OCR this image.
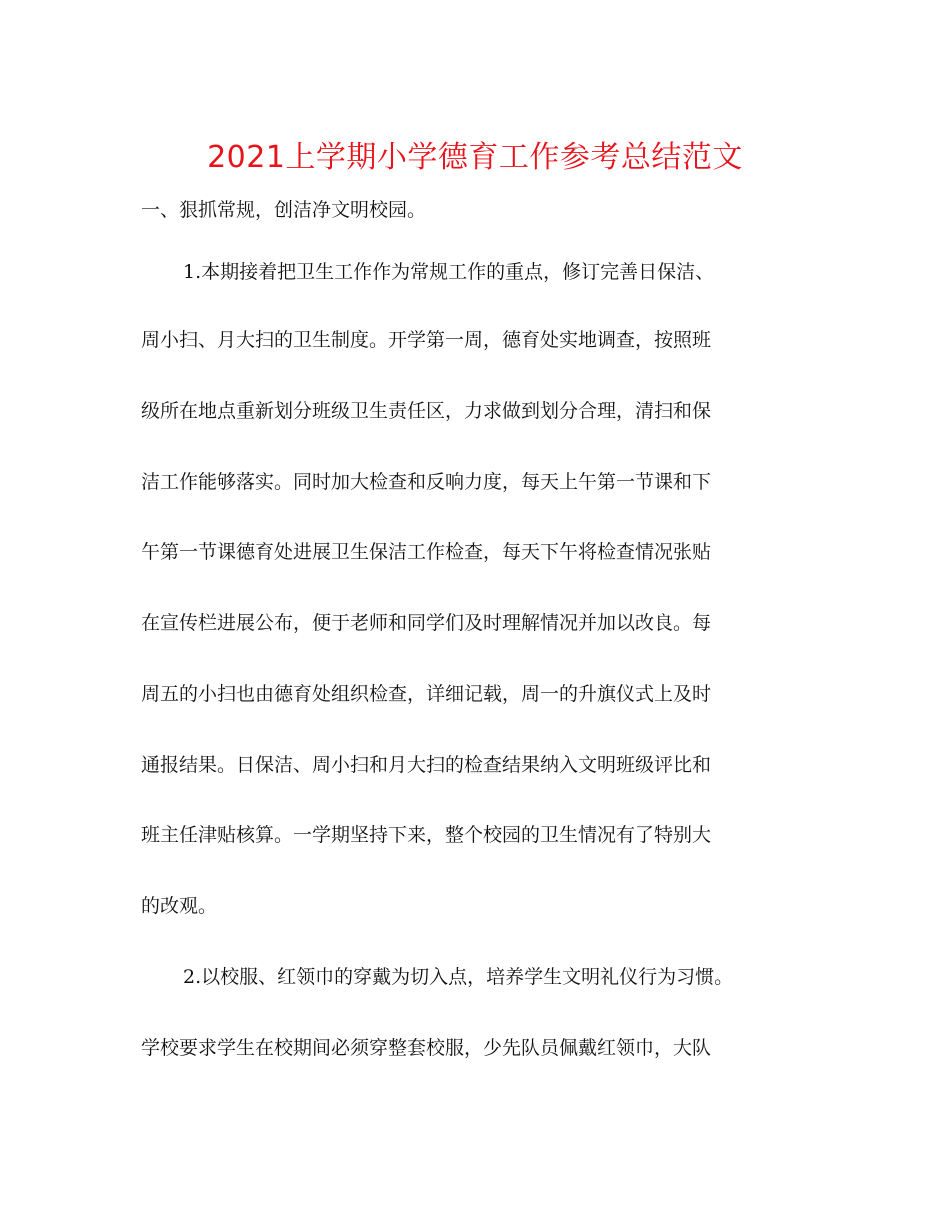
2021上学期小学德育工作参考总结范文
一、狠抓常规，创洁净文明校园。
1.本期接着把卫生工作作为常规工作的重点，修订完善日保洁、
周小扫、月大扫的卫生制度。开学第一周，德育处实地调查，按照班
级所在地点重新划分班级卫生责任区，力求做到划分合理，清扫和保
洁工作能够落实。同时加大检查和反响力度，每天上午第一节课和下
午第一节课德育处进展卫生保洁工作检查，每天下午将检查情况张贴
在宣传栏进展公布，便于老师和同学们及时理解情况并加以改良。每
周五的小扫也由德育处组织检查，详细记载，周一的升旗仪式上及时
通报结果。日保洁、周小扫和月大扫的检查结果纳入文明班级评比和
班主任津贴核算。一学期坚持下来，整个校园的卫生情况有了特别大
的改观。
2.以校服、红领巾的穿戴为切入点，培养学生文明礼仪行为习惯。
学校要求学生在校期间必须穿整套校服，少先队员佩戴红领巾，大队
